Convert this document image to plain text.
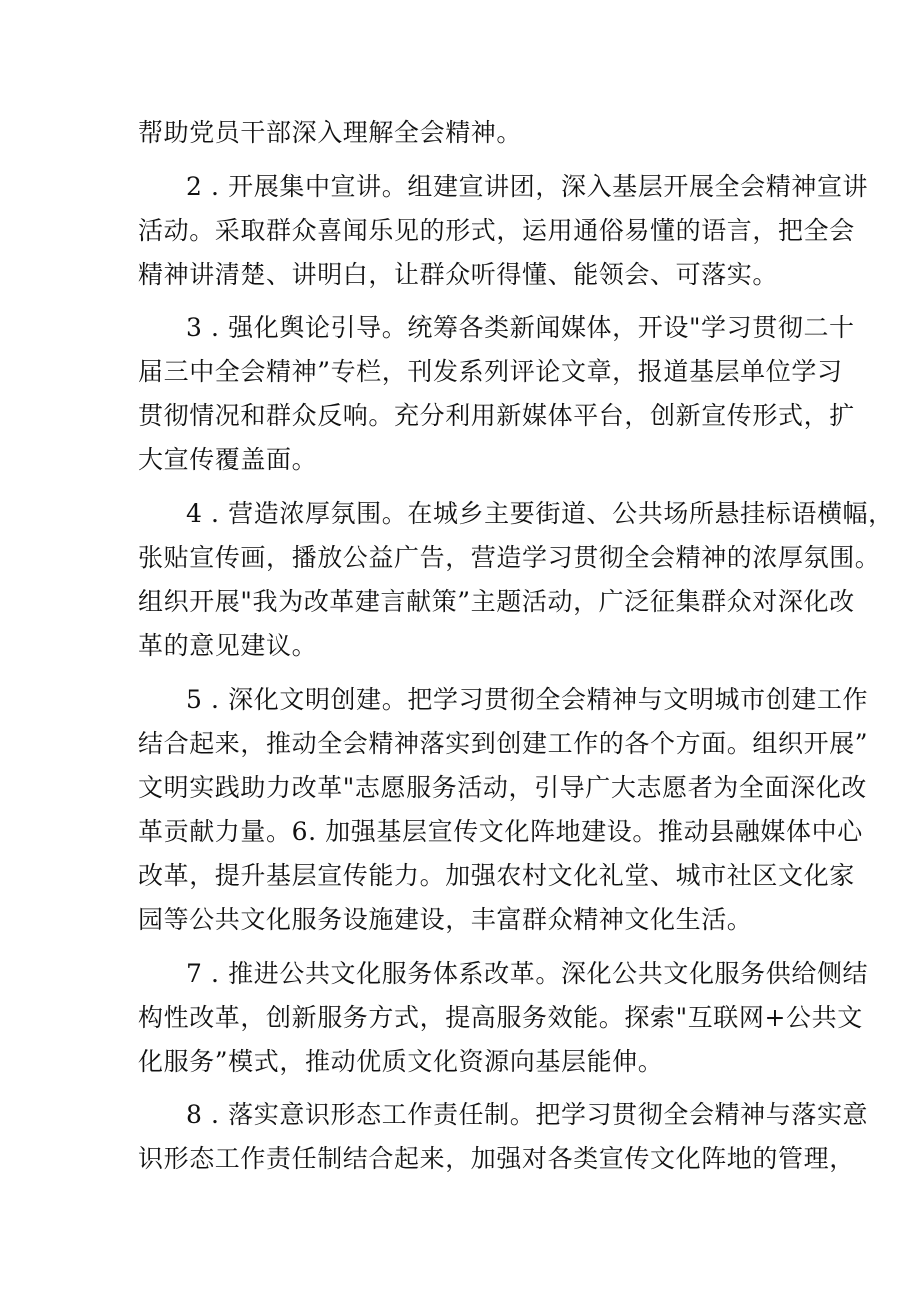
帮助党员干部深入理解全会精神。
2 . 开展集中宣讲。组建宣讲团，深入基层开展全会精神宣讲
活动。采取群众喜闻乐见的形式，运用通俗易懂的语言，把全会
精神讲清楚、讲明白，让群众听得懂、能领会、可落实。
3 . 强化舆论引导。统筹各类新闻媒体，开设"学习贯彻二十
届三中全会精神”专栏，刊发系列评论文章，报道基层单位学习
贯彻情况和群众反响。充分利用新媒体平台，创新宣传形式，扩
大宣传覆盖面。
4 . 营造浓厚氛围。在城乡主要街道、公共场所悬挂标语横幅，
张贴宣传画，播放公益广告，营造学习贯彻全会精神的浓厚氛围。
组织开展"我为改革建言献策”主题活动，广泛征集群众对深化改
革的意见建议。
5 . 深化文明创建。把学习贯彻全会精神与文明城市创建工作
结合起来，推动全会精神落实到创建工作的各个方面。组织开展”
文明实践助力改革"志愿服务活动，引导广大志愿者为全面深化改
革贡献力量。6. 加强基层宣传文化阵地建设。推动县融媒体中心
改革，提升基层宣传能力。加强农村文化礼堂、城市社区文化家
园等公共文化服务设施建设，丰富群众精神文化生活。
7 . 推进公共文化服务体系改革。深化公共文化服务供给侧结
构性改革，创新服务方式，提高服务效能。探索"互联网+公共文
化服务”模式，推动优质文化资源向基层能伸。
8 . 落实意识形态工作责任制。把学习贯彻全会精神与落实意
识形态工作责任制结合起来，加强对各类宣传文化阵地的管理，
